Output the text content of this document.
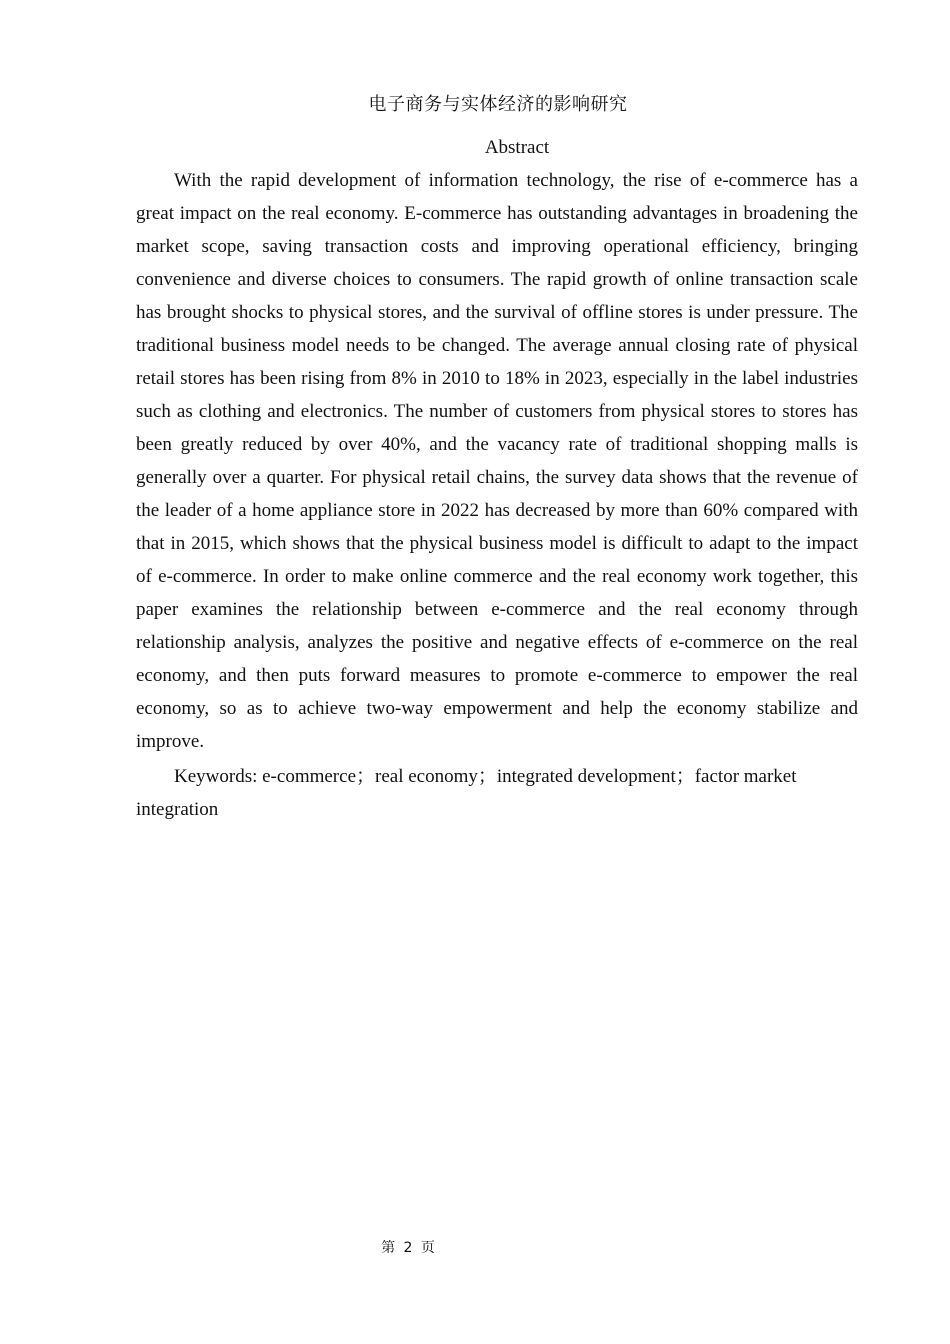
电子商务与实体经济的影响研究
Abstract

With the rapid development of information technology, the rise of e-commerce has a great impact on the real economy. E-commerce has outstanding advantages in broadening the market scope, saving transaction costs and improving operational efficiency, bringing convenience and diverse choices to consumers. The rapid growth of online transaction scale has brought shocks to physical stores, and the survival of offline stores is under pressure. The traditional business model needs to be changed. The average annual closing rate of physical retail stores has been rising from 8% in 2010 to 18% in 2023, especially in the label industries such as clothing and electronics. The number of customers from physical stores to stores has been greatly reduced by over 40%, and the vacancy rate of traditional shopping malls is generally over a quarter. For physical retail chains, the survey data shows that the revenue of the leader of a home appliance store in 2022 has decreased by more than 60% compared with that in 2015, which shows that the physical business model is difficult to adapt to the impact of e-commerce. In order to make online commerce and the real economy work together, this paper examines the relationship between e-commerce and the real economy through relationship analysis, analyzes the positive and negative effects of e-commerce on the real economy, and then puts forward measures to promote e-commerce to empower the real economy, so as to achieve two-way empowerment and help the economy stabilize and improve.

Keywords: e-commerce；real economy；integrated development；factor market integration

第 2 页
